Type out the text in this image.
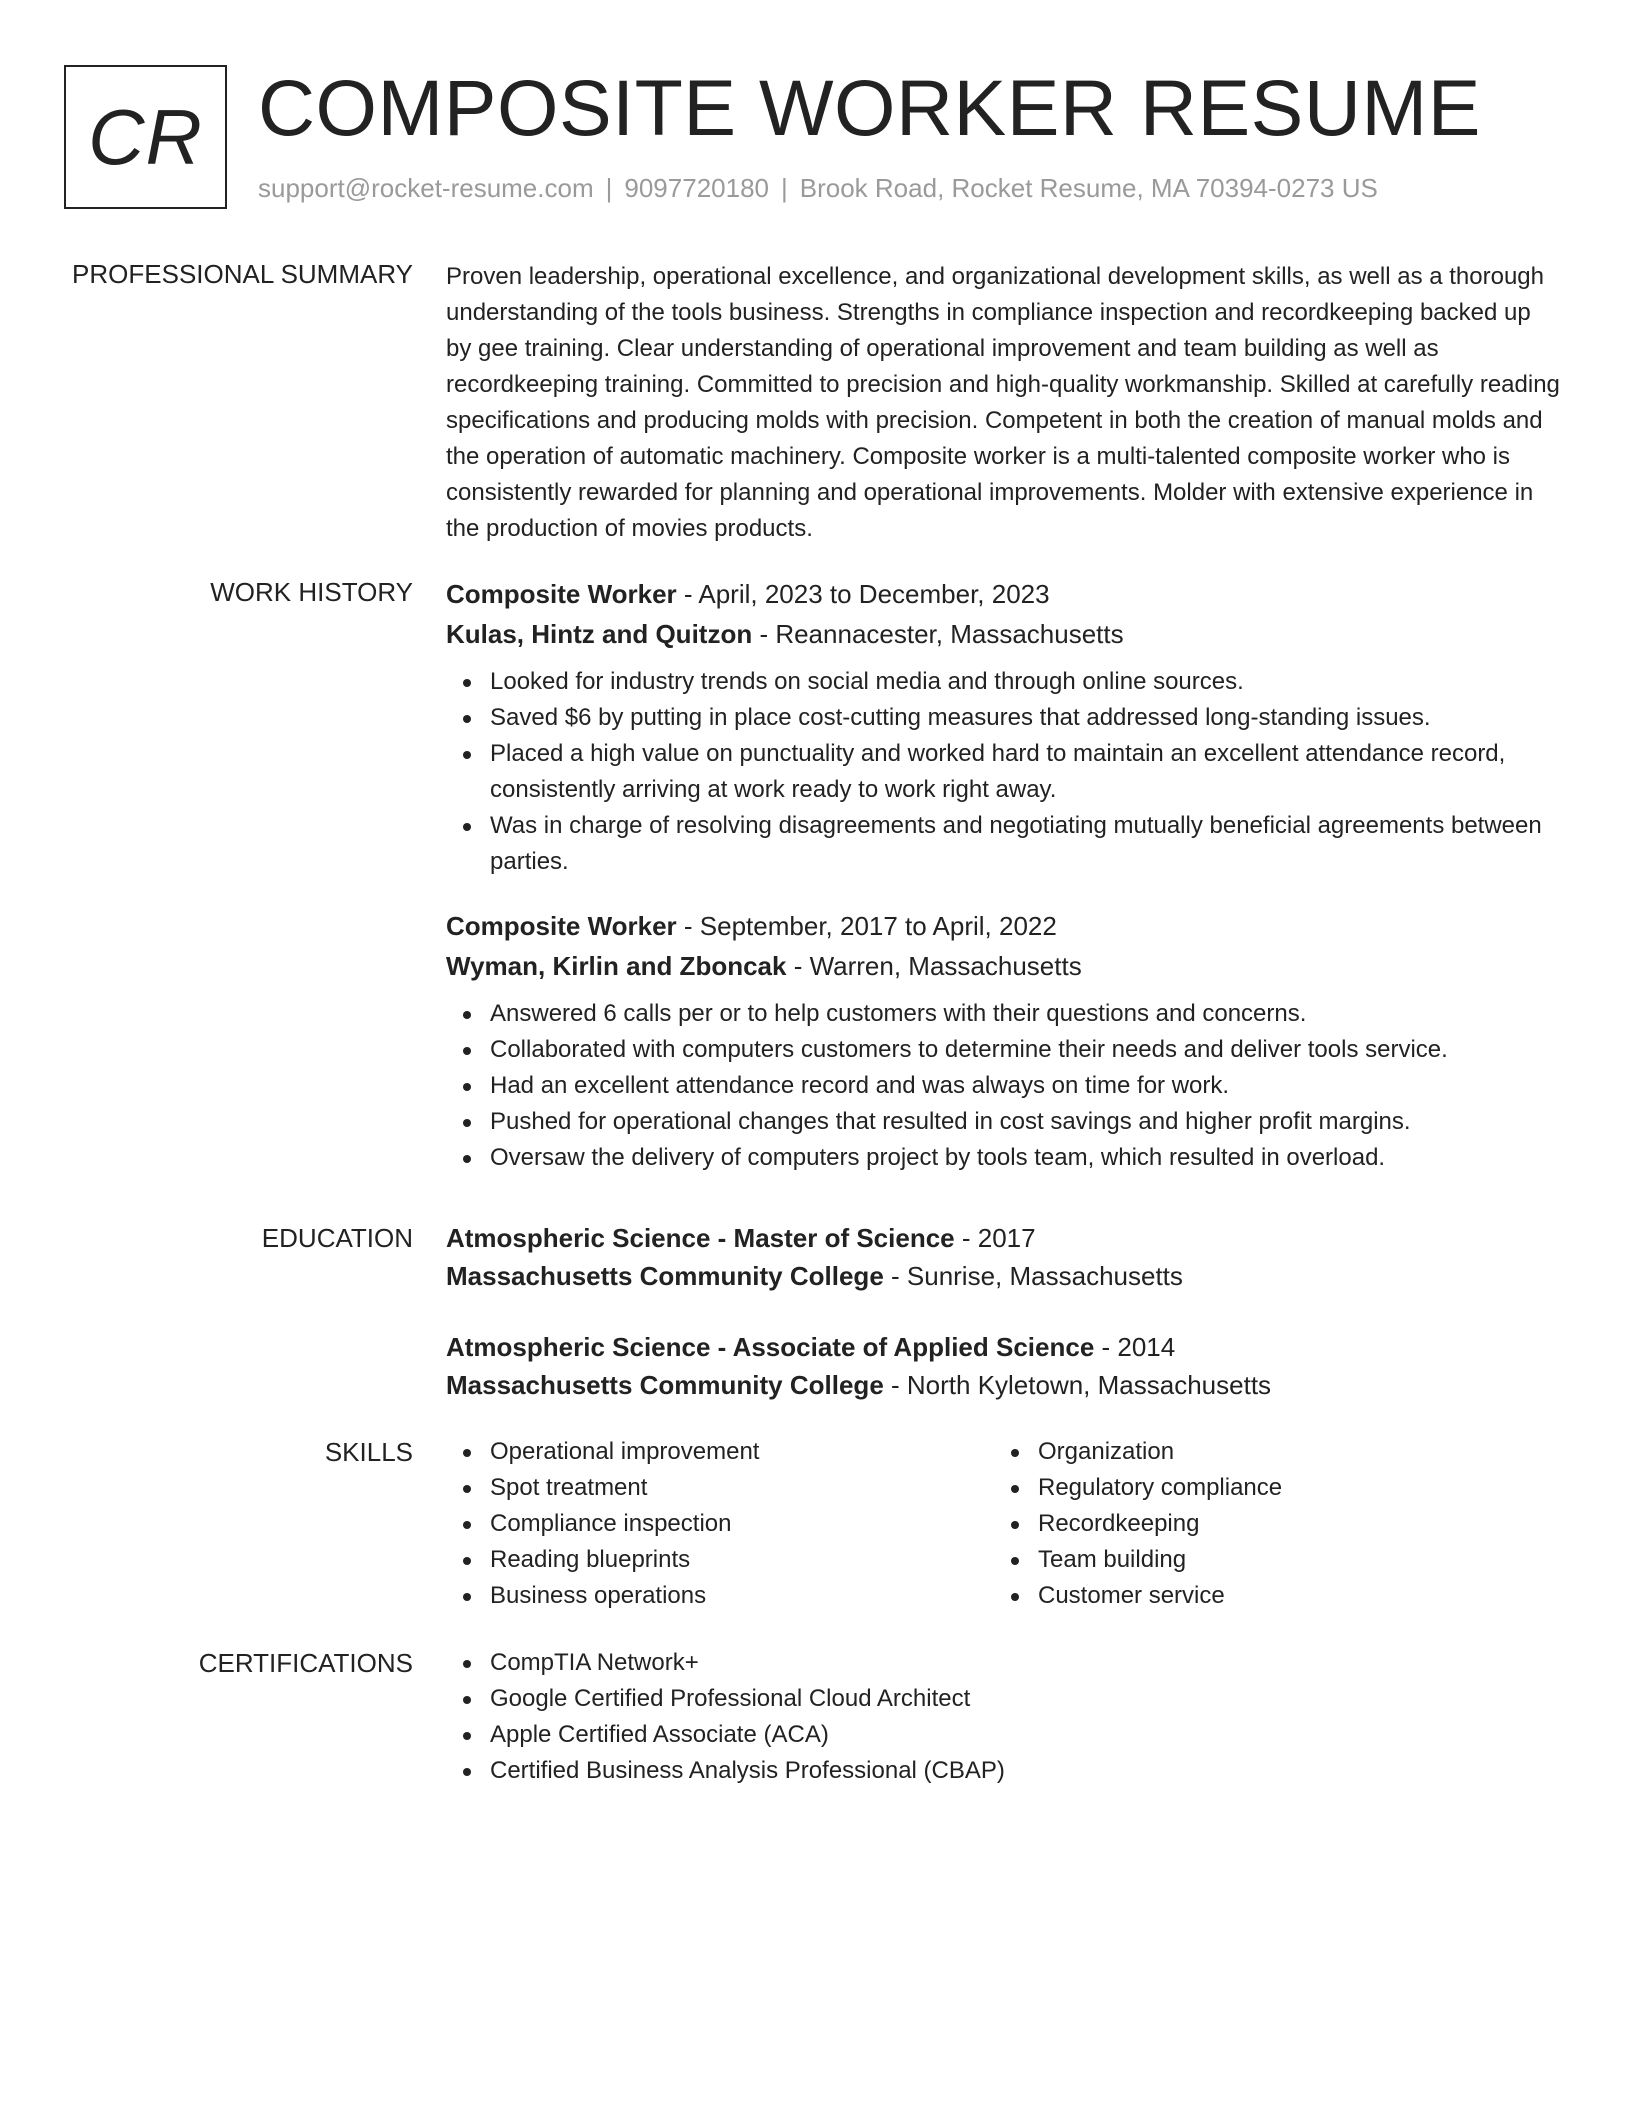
CR COMPOSITE WORKER RESUME
support@rocket-resume.com | 9097720180 | Brook Road, Rocket Resume, MA 70394-0273 US
PROFESSIONAL SUMMARY Proven leadership, operational excellence, and organizational development skills, as well as a thorough understanding of the tools business. Strengths in compliance inspection and recordkeeping backed up by gee training. Clear understanding of operational improvement and team building as well as recordkeeping training. Committed to precision and high-quality workmanship. Skilled at carefully reading specifications and producing molds with precision. Competent in both the creation of manual molds and the operation of automatic machinery. Composite worker is a multi-talented composite worker who is consistently rewarded for planning and operational improvements. Molder with extensive experience in the production of movies products.

WORK HISTORY Composite Worker - April, 2023 to December, 2023
Kulas, Hintz and Quitzon - Reannacester, Massachusetts
Looked for industry trends on social media and through online sources.
Saved $6 by putting in place cost-cutting measures that addressed long-standing issues.
Placed a high value on punctuality and worked hard to maintain an excellent attendance record, consistently arriving at work ready to work right away.
Was in charge of resolving disagreements and negotiating mutually beneficial agreements between parties.
Composite Worker - September, 2017 to April, 2022
Wyman, Kirlin and Zboncak - Warren, Massachusetts
Answered 6 calls per or to help customers with their questions and concerns.
Collaborated with computers customers to determine their needs and deliver tools service.
Had an excellent attendance record and was always on time for work.
Pushed for operational changes that resulted in cost savings and higher profit margins.
Oversaw the delivery of computers project by tools team, which resulted in overload.
EDUCATION Atmospheric Science - Master of Science - 2017
Massachusetts Community College - Sunrise, Massachusetts
Atmospheric Science - Associate of Applied Science - 2014
Massachusetts Community College - North Kyletown, Massachusetts
SKILLS	Operational improvement
Spot treatment
Compliance inspection
Reading blueprints
Business operations
Organization
Regulatory compliance
Recordkeeping
Team building
Customer service
CERTIFICATIONS	CompTIA Network+
Google Certified Professional Cloud Architect
Apple Certified Associate (ACA)
Certified Business Analysis Professional (CBAP)
